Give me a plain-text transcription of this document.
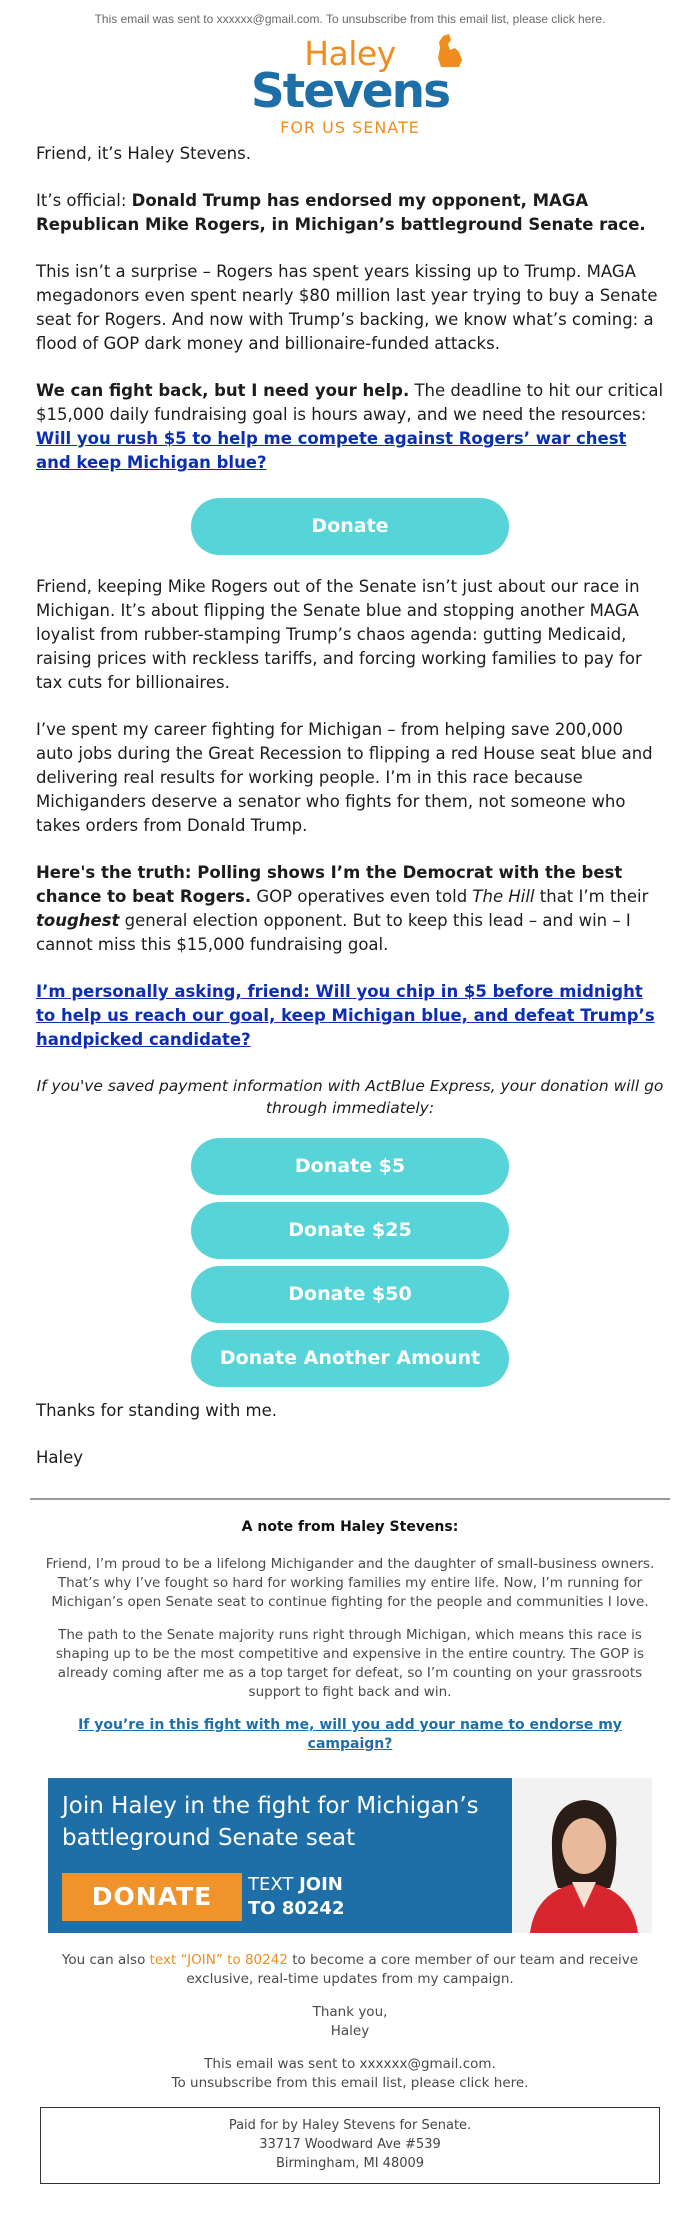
This email was sent to xxxxxx@gmail.com. To unsubscribe from this email list, please click here.
Haley
Stevens
FOR US SENATE

Friend, it’s Haley Stevens.

It’s official: Donald Trump has endorsed my opponent, MAGA Republican Mike Rogers, in Michigan’s battleground Senate race.

This isn’t a surprise – Rogers has spent years kissing up to Trump. MAGA megadonors even spent nearly $80 million last year trying to buy a Senate seat for Rogers. And now with Trump’s backing, we know what’s coming: a flood of GOP dark money and billionaire-funded attacks.

We can fight back, but I need your help. The deadline to hit our critical $15,000 daily fundraising goal is hours away, and we need the resources: Will you rush $5 to help me compete against Rogers’ war chest and keep Michigan blue?

Donate

Friend, keeping Mike Rogers out of the Senate isn’t just about our race in Michigan. It’s about flipping the Senate blue and stopping another MAGA loyalist from rubber-stamping Trump’s chaos agenda: gutting Medicaid, raising prices with reckless tariffs, and forcing working families to pay for tax cuts for billionaires.

I’ve spent my career fighting for Michigan – from helping save 200,000 auto jobs during the Great Recession to flipping a red House seat blue and delivering real results for working people. I’m in this race because Michiganders deserve a senator who fights for them, not someone who takes orders from Donald Trump.

Here's the truth: Polling shows I’m the Democrat with the best chance to beat Rogers. GOP operatives even told The Hill that I’m their toughest general election opponent. But to keep this lead – and win – I cannot miss this $15,000 fundraising goal.

I’m personally asking, friend: Will you chip in $5 before midnight to help us reach our goal, keep Michigan blue, and defeat Trump’s handpicked candidate?

If you've saved payment information with ActBlue Express, your donation will go through immediately:
Donate $5
Donate $25
Donate $50
Donate Another Amount

Thanks for standing with me.

Haley

A note from Haley Stevens:

Friend, I’m proud to be a lifelong Michigander and the daughter of small-business owners. That’s why I’ve fought so hard for working families my entire life. Now, I’m running for Michigan’s open Senate seat to continue fighting for the people and communities I love.

The path to the Senate majority runs right through Michigan, which means this race is shaping up to be the most competitive and expensive in the entire country. The GOP is already coming after me as a top target for defeat, so I’m counting on your grassroots support to fight back and win.

If you’re in this fight with me, will you add your name to endorse my campaign?

Join Haley in the fight for Michigan’s battleground Senate seat
DONATE	TEXT JOIN
TO 80242

You can also text “JOIN” to 80242 to become a core member of our team and receive exclusive, real-time updates from my campaign.

Thank you,
Haley

This email was sent to xxxxxx@gmail.com.
To unsubscribe from this email list, please click here.

Paid for by Haley Stevens for Senate.
33717 Woodward Ave #539
Birmingham, MI 48009
